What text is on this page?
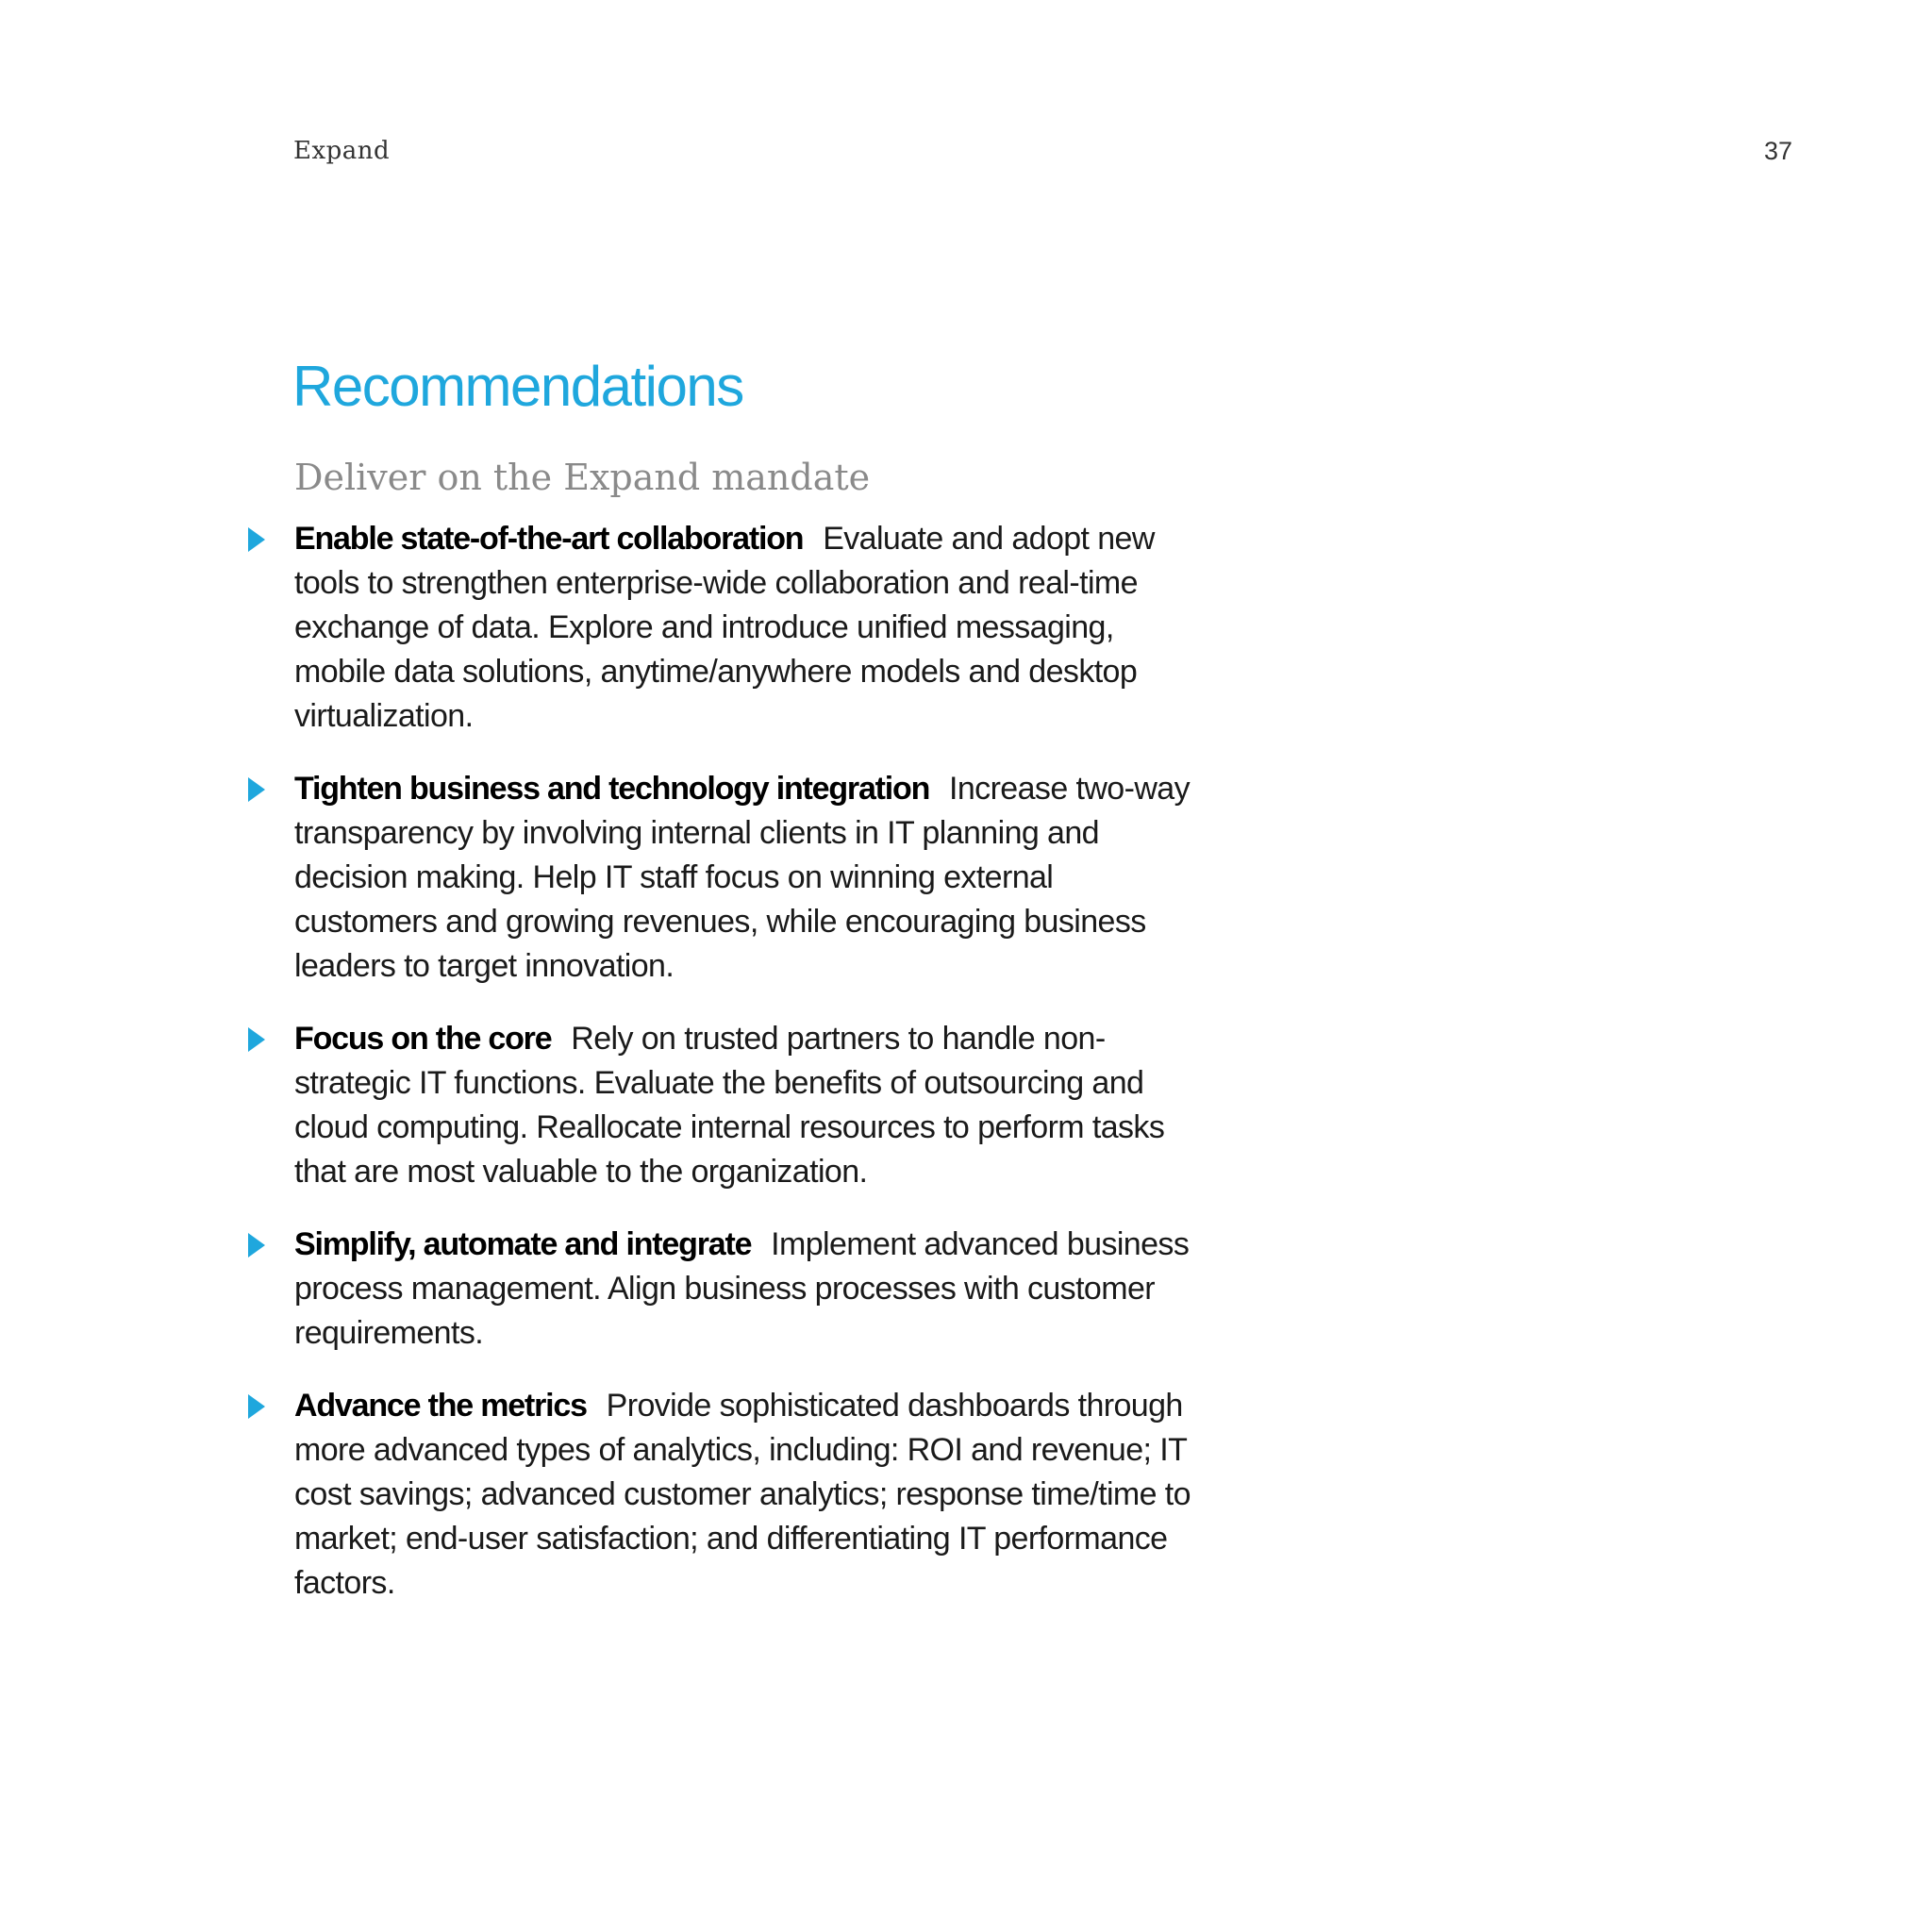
Expand	37
Recommendations
Deliver on the Expand mandate
Enable state-of-the-art collaboration Evaluate and adopt new tools to strengthen enterprise-wide collaboration and real-time exchange of data. Explore and introduce unified messaging, mobile data solutions, anytime/anywhere models and desktop virtualization.
Tighten business and technology integration Increase two-way transparency by involving internal clients in IT planning and decision making. Help IT staff focus on winning external customers and growing revenues, while encouraging business leaders to target innovation.
Focus on the core Rely on trusted partners to handle non-strategic IT functions. Evaluate the benefits of outsourcing and cloud computing. Reallocate internal resources to perform tasks that are most valuable to the organization.
Simplify, automate and integrate Implement advanced business process management. Align business processes with customer requirements.
Advance the metrics Provide sophisticated dashboards through more advanced types of analytics, including: ROI and revenue; IT cost savings; advanced customer analytics; response time/time to market; end-user satisfaction; and differentiating IT performance factors.
